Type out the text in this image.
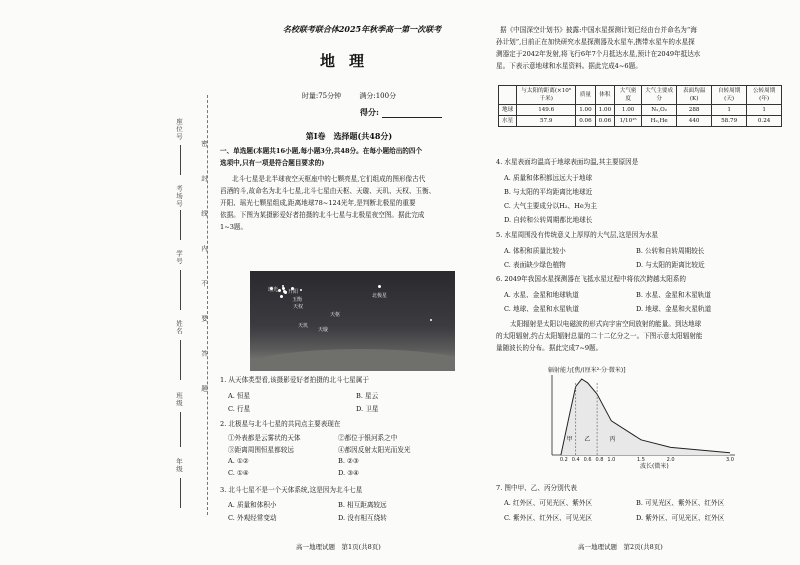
座位号
考场号
学号
姓名
班级
年级
密
封
线
内
不
要
答
题
名校联考联合体2025年秋季高一第一次联考
地理
时量:75分钟	满分:100分
得分:
第Ⅰ卷　选择题(共48分)
一、单选题(本题共16小题,每小题3分,共48分。在每小题给出的四个
选项中,只有一项是符合题目要求的)
北斗七星是北半球夜空天枢座中的七颗亮星,它们组成的图形像古代
舀酒的斗,故命名为北斗七星,北斗七星由天枢、天璇、天玑、天权、玉衡、
开阳、瑶光七颗星组成,距离地球78~124光年,是判断北极星的重要
依据。下图为某摄影爱好者拍摄的北斗七星与北极星夜空图。据此完成
1~3题。
北极星
瑶光 开阳
玉衡
天权
天枢
天玑
天璇
1. 从天体类型看,该摄影爱好者拍摄的北斗七星属于
A. 恒星	B. 星云
C. 行星	D. 卫星
2. 北极星与北斗七星的共同点主要表现在
①外表都是云雾状的天体	②都位于银河系之中
③距离周围恒星都较远	④都因反射太阳光而发光
A. ①②	B. ②③
C. ①④	D. ③④
3. 北斗七星不是一个天体系统,这是因为北斗七星
A. 质量和体积小	B. 相互距离较远
C. 外观经常变动	D. 没有相互绕转
高一地理试题　第1页(共8页)
据《中国深空计划书》披露:中国水星探测计划已经由台并命名为“海
孙计划”,目前正在加快研究水星探测器及水星车,携带水星车的水星探
测器定于2042年发射,将飞行6年7个月抵达水星,预计在2049年抵达水
星。下表示意地球和水星资料。据此完成4~6题。
	与太阳的距离(×10⁶千米)	质量	体积	大气密度	大气主要成分	表面均温(K)	自转周期(天)	公转周期(年)
地球	149.6	1.00	1.00	1.00	N₂,O₂	288	1	1
水星	57.9	0.06	0.06	1/10¹⁵	H₂,He	440	58.79	0.24
4. 水星表面均温高于地球表面均温,其主要原因是
A. 质量和体积都远远大于地球
B. 与太阳的平均距离比地球近
C. 大气主要成分以H₂、He为主
D. 自转和公转周期都比地球长
5. 水星周围没有传统意义上厚厚的大气层,这是因为水星
A. 体积和质量比较小	B. 公转和自转周期较长
C. 表面缺少绿色植物	D. 与太阳的距离比较近
6. 2049年我国水星探测器在飞抵水星过程中将依次跨越太阳系的
A. 水星、金星和地球轨道	B. 水星、金星和木星轨道
C. 地球、金星和水星轨道	D. 地球、金星和火星轨道
太阳辐射是太阳以电磁波的形式向宇宙空间放射的能量。到达地球
的太阳辐射,约占太阳辐射总量的二十二亿分之一。下图示意太阳辐射能
量随波长的分布。据此完成7~9题。
辐射能力[焦/(厘米²·分·微米)]
甲 乙	丙
0.2 0.4 0.6 0.8 1.0	1.5	2.0	3.0
波长(微米)
7. 图中甲、乙、丙分别代表
A. 红外区、可见光区、紫外区	B. 可见光区、紫外区、红外区
C. 紫外区、红外区、可见光区	D. 紫外区、可见光区、红外区
高一地理试题　第2页(共8页)
